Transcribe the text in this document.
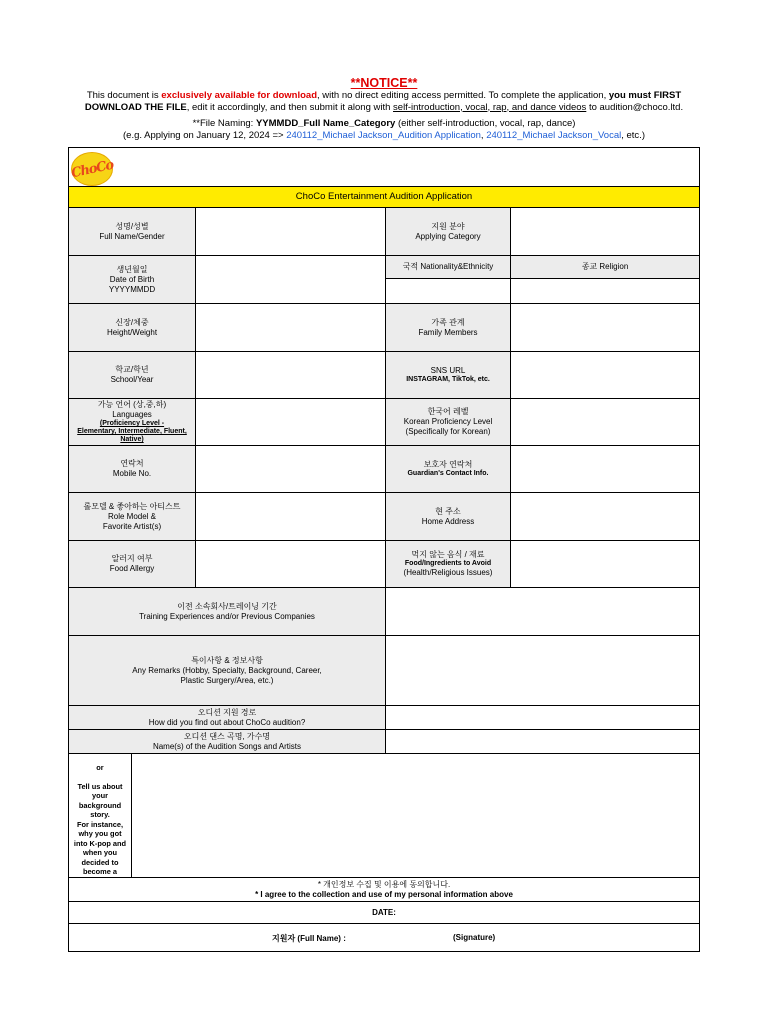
**NOTICE**
This document is exclusively available for download, with no direct editing access permitted. To complete the application, you must FIRST
DOWNLOAD THE FILE, edit it accordingly, and then submit it along with self-introduction, vocal, rap, and dance videos to audition@choco.ltd.
**File Naming: YYMMDD_Full Name_Category (either self-introduction, vocal, rap, dance)
(e.g. Applying on January 12, 2024 => 240112_Michael Jackson_Audition Application, 240112_Michael Jackson_Vocal, etc.)
ChoCo
ChoCo Entertainment Audition Application
성명/성별
Full Name/Gender
지원 분야
Applying Category
생년월일
Date of Birth
YYYYMMDD
국적 Nationality&Ethnicity	종교 Religion
신장/체중
Height/Weight
가족 관계
Family Members
학교/학년
School/Year
SNS URL
INSTAGRAM, TikTok, etc.
가능 언어 (상,중,하)
Languages
(Proficiency Level -
Elementary, Intermediate, Fluent,
Native)
한국어 레벨
Korean Proficiency Level
(Specifically for Korean)
연락처
Mobile No.
보호자 연락처
Guardian's Contact Info.
롤모델 & 좋아하는 아티스트
Role Model &
Favorite Artist(s)
현 주소
Home Address
알러지 여부
Food Allergy
먹지 않는 음식 / 재료
Food/Ingredients to Avoid
(Health/Religious Issues)
이전 소속회사/트레이닝 기간
Training Experiences and/or Previous Companies
특이사항 & 정보사항
Any Remarks (Hobby, Specialty, Background, Career,
Plastic Surgery/Area, etc.)
오디션 지원 경로
How did you find out about ChoCo audition?
오디션 댄스 곡명, 가수명
Name(s) of the Audition Songs and Artists
or
Tell us about
your
background
story.
For instance,
why you got
into K-pop and
when you
decided to
become a
* 개인정보 수집 및 이용에 동의합니다.
* I agree to the collection and use of my personal information above
DATE:
지원자 (Full Name) :	(Signature)
